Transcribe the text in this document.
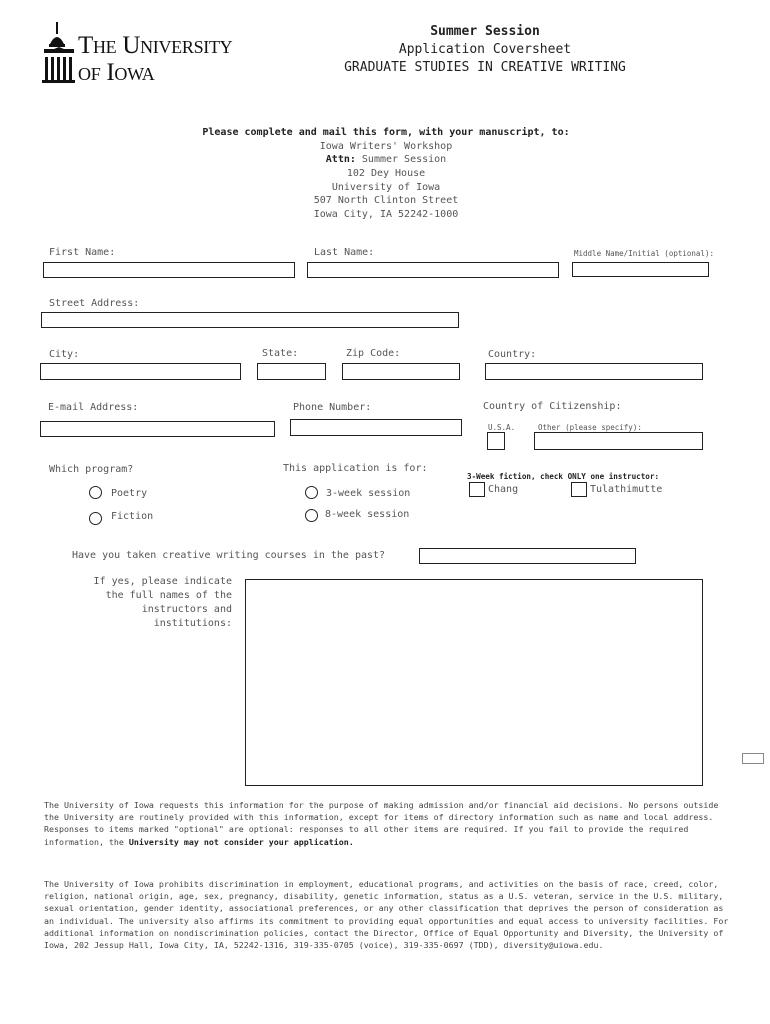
The University
of Iowa
Summer Session
Application Coversheet
GRADUATE STUDIES IN CREATIVE WRITING
Please complete and mail this form, with your manuscript, to:
Iowa Writers' Workshop
Attn: Summer Session
102 Dey House
University of Iowa
507 North Clinton Street
Iowa City, IA 52242-1000
First Name:	Last Name:	Middle Name/Initial (optional):
Street Address:
City:	State:	Zip Code:	Country:
E-mail Address:	Phone Number:	Country of Citizenship:
U.S.A.	Other (please specify):
Which program?
Poetry
Fiction
This application is for:
3-week session
8-week session
3-Week fiction, check ONLY one instructor:
Chang	Tulathimutte
Have you taken creative writing courses in the past?
If yes, please indicate
the full names of the
instructors and
institutions:
The University of Iowa requests this information for the purpose of making admission and/or financial aid decisions. No persons outside the University are routinely provided with this information, except for items of directory information such as name and local address. Responses to items marked "optional" are optional: responses to all other items are required. If you fail to provide the required information, the University may not consider your application.
The University of Iowa prohibits discrimination in employment, educational programs, and activities on the basis of race, creed, color, religion, national origin, age, sex, pregnancy, disability, genetic information, status as a U.S. veteran, service in the U.S. military, sexual orientation, gender identity, associational preferences, or any other classification that deprives the person of consideration as an individual. The university also affirms its commitment to providing equal opportunities and equal access to university facilities. For additional information on nondiscrimination policies, contact the Director, Office of Equal Opportunity and Diversity, the University of Iowa, 202 Jessup Hall, Iowa City, IA, 52242-1316, 319-335-0705 (voice), 319-335-0697 (TDD), diversity@uiowa.edu.
